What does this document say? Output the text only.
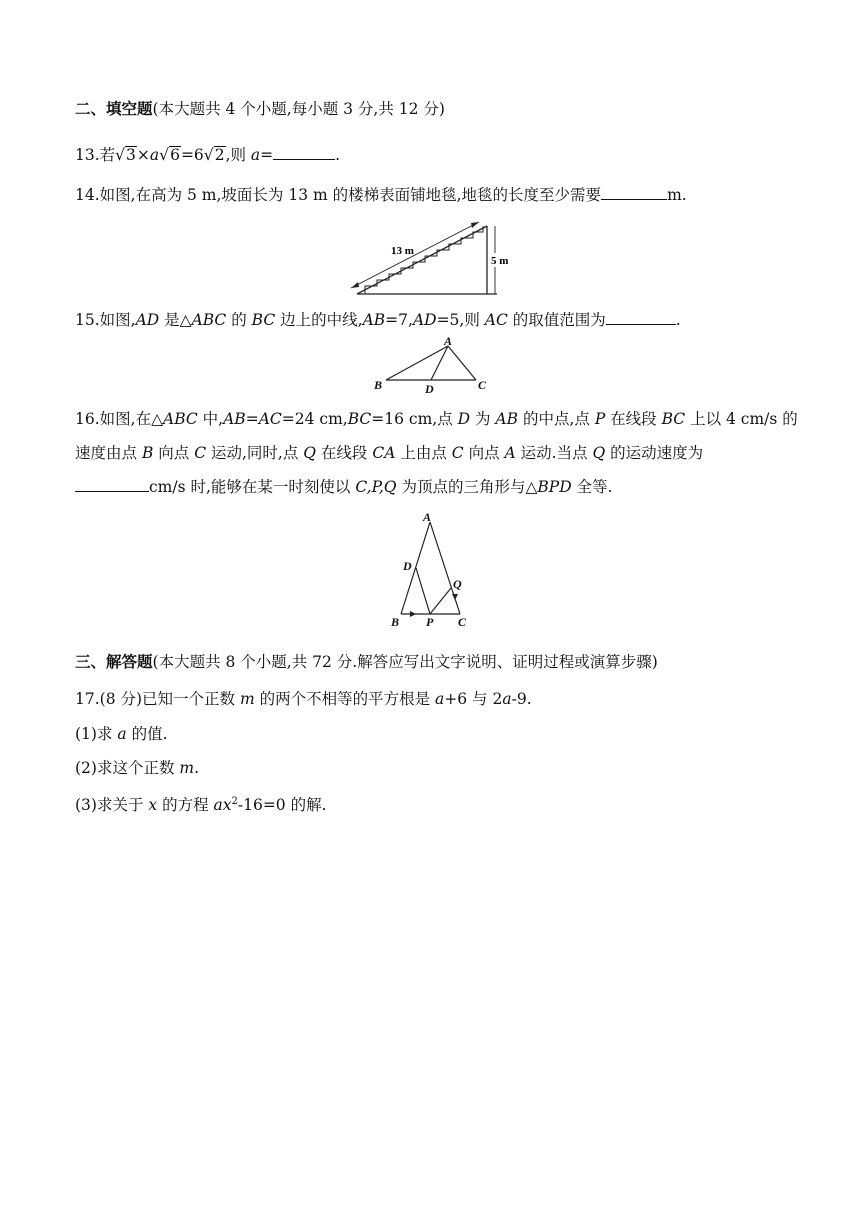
二、填空题(本大题共 4 个小题,每小题 3 分,共 12 分)
13.若√3×a√6=6√2,则 a=	.
14.如图,在高为 5 m,坡面长为 13 m 的楼梯表面铺地毯,地毯的长度至少需要	m.
13 m
5 m
15.如图,AD 是△ABC 的 BC 边上的中线,AB=7,AD=5,则 AC 的取值范围为	.
A
B	C
D
16.如图,在△ABC 中,AB=AC=24 cm,BC=16 cm,点 D 为 AB 的中点,点 P 在线段 BC 上以 4 cm/s 的
速度由点 B 向点 C 运动,同时,点 Q 在线段 CA 上由点 C 向点 A 运动.当点 Q 的运动速度为
cm/s 时,能够在某一时刻使以 C,P,Q 为顶点的三角形与△BPD 全等.
A
D
Q
B P C
三、解答题(本大题共 8 个小题,共 72 分.解答应写出文字说明、证明过程或演算步骤)
17.(8 分)已知一个正数 m 的两个不相等的平方根是 a+6 与 2a-9.
(1)求 a 的值.
(2)求这个正数 m.
(3)求关于 x 的方程 $ax^2-16=0$ 的解.
